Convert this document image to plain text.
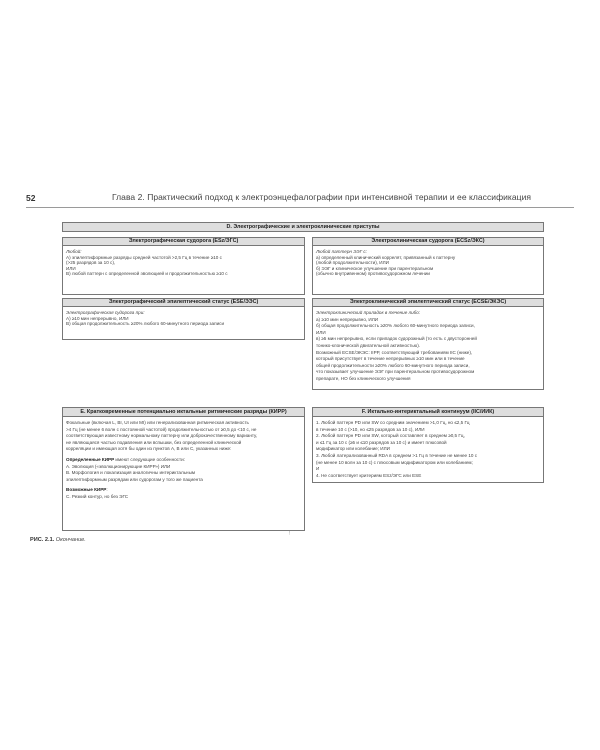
52	Глава 2. Практический подход к электроэнцефалографии при интенсивной терапии и ее классификация
D. Электрографические и электроклинические приступы
Электрографическая судорога (ESz/ЭГС)
Любой:
А) эпилептиформные разряды средней частотой >2,5 Гц в течение ≥10 с
(>25 разрядов за 10 с),
ИЛИ
В) любой паттерн с определенной эволюцией и продолжительностью ≥10 с
Электроклиническая судорога (ECSz/ЭКС)
Любой паттерн ЭЭГ с:
а) определенный клинический коррелят, привязанный к паттерну
(любой продолжительности), ИЛИ
б) ЭЭГ и клиническое улучшение при парентеральном
(обычно внутривенном) противосудорожном лечении
Электрографический эпилептический статус (ESE/ЭЭС)
Электрографическая судорога при:
А) ≥10 мин непрерывно, ИЛИ
В) общая продолжительность ≥20% любого 60-минутного периода записи
Электроклинический эпилептический статус (ECSE/ЭКЭС)
Электроклинический приладок в течение либо:
а) ≥10 мин непрерывно, ИЛИ
б) общая продолжительность ≥20% любого 60-минутного периода записи,
ИЛИ
в) ≥5 мин непрерывно, если припадок судорожный (то есть с двусторонней
тонико-клонической двигательной активностью).
Возможный ECSE/ЭКЭС: IIPP, соответствующий требованиям IIC (ниже),
который присутствует в течение непрерывных ≥10 мин или в течение
общей продолжительности ≥20% любого 60-минутного периода записи,
что показывает улучшение ЭЭГ при парентеральном противосудорожном
препарате, НО без клинического улучшения
E. Кратковременные потенциально иктальные ритмические разряды (КИРР)
Фокальные (включая L, BI, UI или MI) или генерализованная ритмическая активность
>4 Гц (не менее 6 волн с постоянной частотой) продолжительностью от ≥0,5 до <10 с, не
соответствующая известному нормальному паттерну или доброкачественному варианту,
не являющаяся частью подавления или вспышки, без определенной клинической
корреляции и имеющая хотя бы один из пунктов А, В или С, указанных ниже:
Определенные КИРР имеют следующие особенности:
А. Эволюция («эволюционирующие КИРР») ИЛИ
В. Морфология и локализация аналогичны интериктальным
эпилептиформным разрядам или судорогам у того же пациента
Возможные КИРР:
С. Резкий контур, но без ЭГС
F. Иктально-интериктальный континуум (IIC/ИИК)
1. Любой паттерн PD или SW со средним значением >1,0 Гц, но ≤2,5 Гц
в течение 10 с (>10, но ≤25 разрядов за 10 с), ИЛИ
2. Любой паттерн PD или SW, который составляет в среднем ≥0,5 Гц,
и ≤1 Гц за 10 с (≥5 и ≤10 разрядов за 10 с) и имеет плюсовой
модификатор или колебание; ИЛИ
3. Любой латерализованный RDA в среднем >1 Гц в течение не менее 10 с
(не менее 10 волн за 10 с) с плюсовым модификатором или колебанием;
И
4. Не соответствует критериям ESz/ЭГС или ESE
!
РИС. 2.1. Окончание.
